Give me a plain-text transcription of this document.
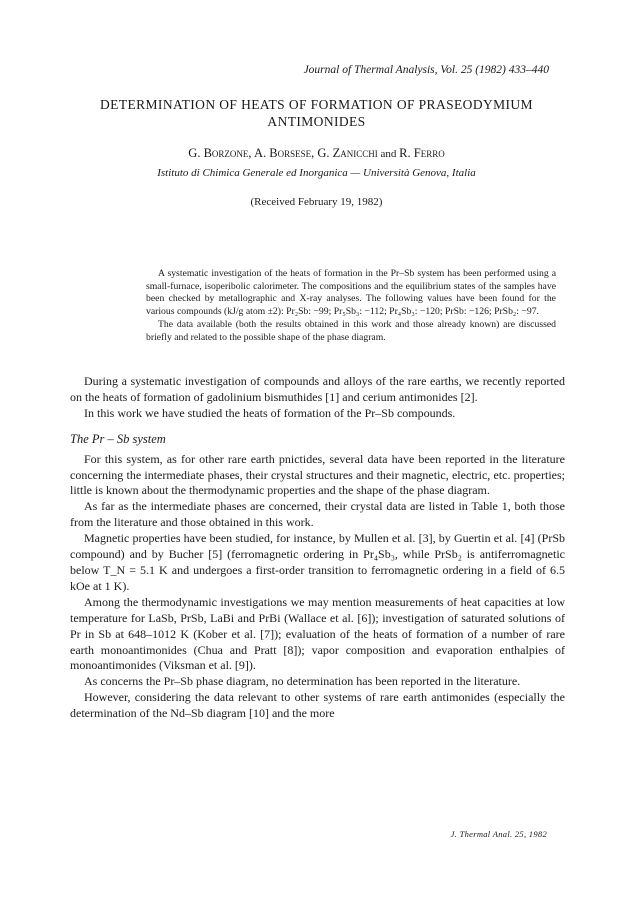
Journal of Thermal Analysis, Vol. 25 (1982) 433–440
DETERMINATION OF HEATS OF FORMATION OF PRASEODYMIUM
ANTIMONIDES
G. Borzone, A. Borsese, G. Zanicchi and R. Ferro
Istituto di Chimica Generale ed Inorganica — Università Genova, Italia
(Received February 19, 1982)

A systematic investigation of the heats of formation in the Pr–Sb system has been performed using a small-furnace, isoperibolic calorimeter. The compositions and the equilibrium states of the samples have been checked by metallographic and X-ray analyses. The following values have been found for the various compounds (kJ/g atom ±2): Pr₂Sb: −99; Pr₅Sb₃: −112; Pr₄Sb₃: −120; PrSb: −126; PrSb₂: −97.

The data available (both the results obtained in this work and those already known) are discussed briefly and related to the possible shape of the phase diagram.

During a systematic investigation of compounds and alloys of the rare earths, we recently reported on the heats of formation of gadolinium bismuthides [1] and cerium antimonides [2].

In this work we have studied the heats of formation of the Pr–Sb compounds.

The Pr – Sb system

For this system, as for other rare earth pnictides, several data have been reported in the literature concerning the intermediate phases, their crystal structures and their magnetic, electric, etc. properties; little is known about the thermodynamic properties and the shape of the phase diagram.

As far as the intermediate phases are concerned, their crystal data are listed in Table 1, both those from the literature and those obtained in this work.

Magnetic properties have been studied, for instance, by Mullen et al. [3], by Guertin et al. [4] (PrSb compound) and by Bucher [5] (ferromagnetic ordering in Pr₄Sb₃, while PrSb₂ is antiferromagnetic below T_N = 5.1 K and undergoes a first-order transition to ferromagnetic ordering in a field of 6.5 kOe at 1 K).

Among the thermodynamic investigations we may mention measurements of heat capacities at low temperature for LaSb, PrSb, LaBi and PrBi (Wallace et al. [6]); investigation of saturated solutions of Pr in Sb at 648–1012 K (Kober et al. [7]); evaluation of the heats of formation of a number of rare earth monoantimonides (Chua and Pratt [8]); vapor composition and evaporation enthalpies of monoantimonides (Viksman et al. [9]).

As concerns the Pr–Sb phase diagram, no determination has been reported in the literature.

However, considering the data relevant to other systems of rare earth antimonides (especially the determination of the Nd–Sb diagram [10] and the more

J. Thermal Anal. 25, 1982
